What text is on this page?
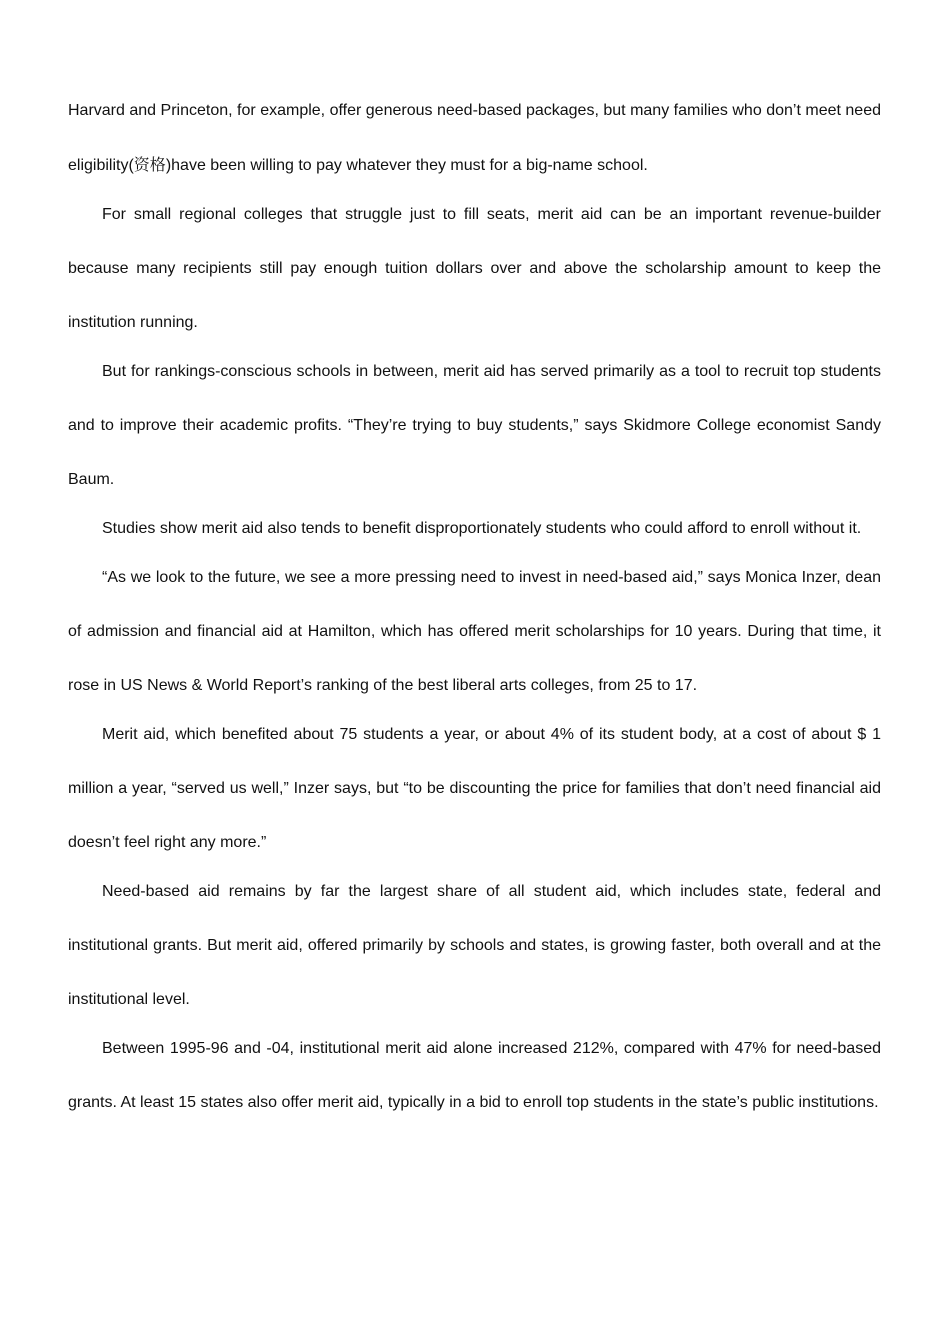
Harvard and Princeton, for example, offer generous need-based packages, but many families who don’t meet need eligibility(资格)have been willing to pay whatever they must for a big-name school.

For small regional colleges that struggle just to fill seats, merit aid can be an important revenue-builder because many recipients still pay enough tuition dollars over and above the scholarship amount to keep the institution running.

But for rankings-conscious schools in between, merit aid has served primarily as a tool to recruit top students and to improve their academic profits. “They’re trying to buy students,” says Skidmore College economist Sandy Baum.

Studies show merit aid also tends to benefit disproportionately students who could afford to enroll without it.

“As we look to the future, we see a more pressing need to invest in need-based aid,” says Monica Inzer, dean of admission and financial aid at Hamilton, which has offered merit scholarships for 10 years. During that time, it rose in US News & World Report’s ranking of the best liberal arts colleges, from 25 to 17.

Merit aid, which benefited about 75 students a year, or about 4% of its student body, at a cost of about $ 1 million a year, “served us well,” Inzer says, but “to be discounting the price for families that don’t need financial aid doesn’t feel right any more.”

Need-based aid remains by far the largest share of all student aid, which includes state, federal and institutional grants. But merit aid, offered primarily by schools and states, is growing faster, both overall and at the institutional level.

Between 1995-96 and -04, institutional merit aid alone increased 212%, compared with 47% for need-based grants. At least 15 states also offer merit aid, typically in a bid to enroll top students in the state’s public institutions.
